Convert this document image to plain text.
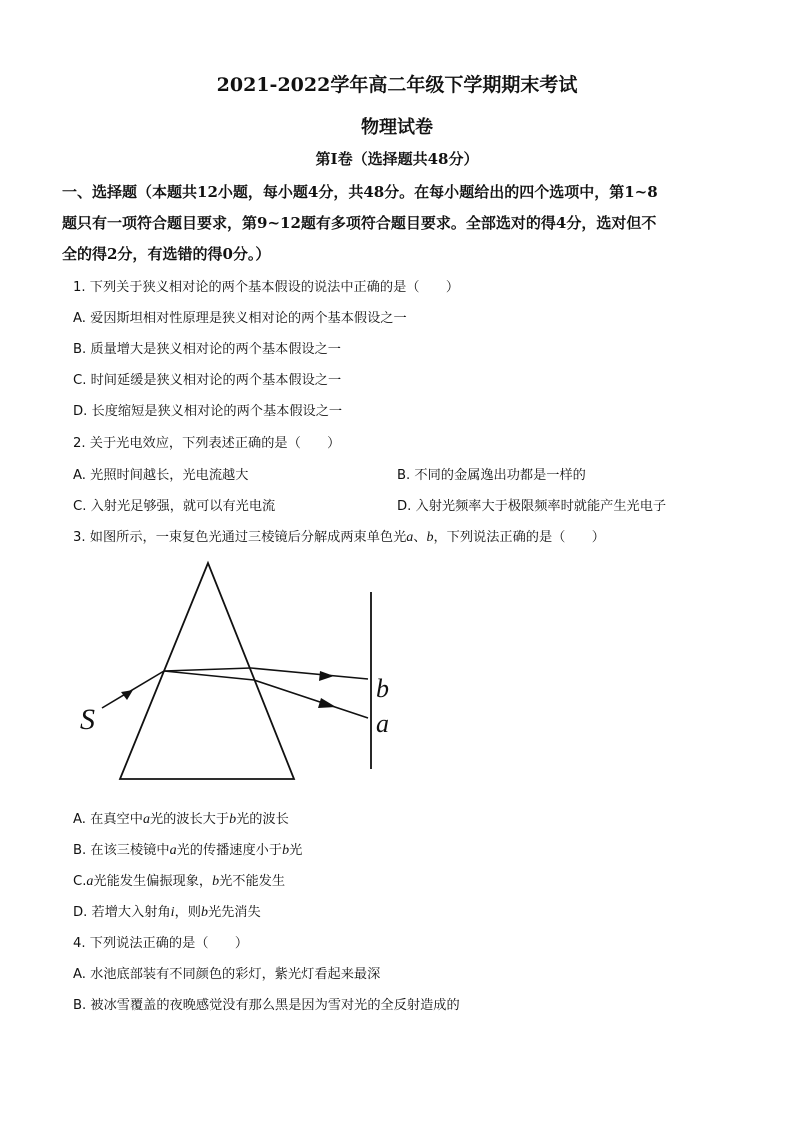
2021-2022学年高二年级下学期期末考试
物理试卷
第Ⅰ卷（选择题共48分）
一、选择题（本题共12小题，每小题4分，共48分。在每小题给出的四个选项中，第1~8
题只有一项符合题目要求，第9~12题有多项符合题目要求。全部选对的得4分，选对但不
全的得2分，有选错的得0分。）
1. 下列关于狭义相对论的两个基本假设的说法中正确的是（　　）
A. 爱因斯坦相对性原理是狭义相对论的两个基本假设之一
B. 质量增大是狭义相对论的两个基本假设之一
C. 时间延缓是狭义相对论的两个基本假设之一
D. 长度缩短是狭义相对论的两个基本假设之一
2. 关于光电效应，下列表述正确的是（　　）
A. 光照时间越长，光电流越大	B. 不同的金属逸出功都是一样的
C. 入射光足够强，就可以有光电流	D. 入射光频率大于极限频率时就能产生光电子
3. 如图所示，一束复色光通过三棱镜后分解成两束单色光a、b，下列说法正确的是（　　）
S
b
a
A. 在真空中a光的波长大于b光的波长
B. 在该三棱镜中a光的传播速度小于b光
C.a光能发生偏振现象，b光不能发生
D. 若增大入射角i，则b光先消失
4. 下列说法正确的是（　　）
A. 水池底部装有不同颜色的彩灯，紫光灯看起来最深
B. 被冰雪覆盖的夜晚感觉没有那么黑是因为雪对光的全反射造成的
